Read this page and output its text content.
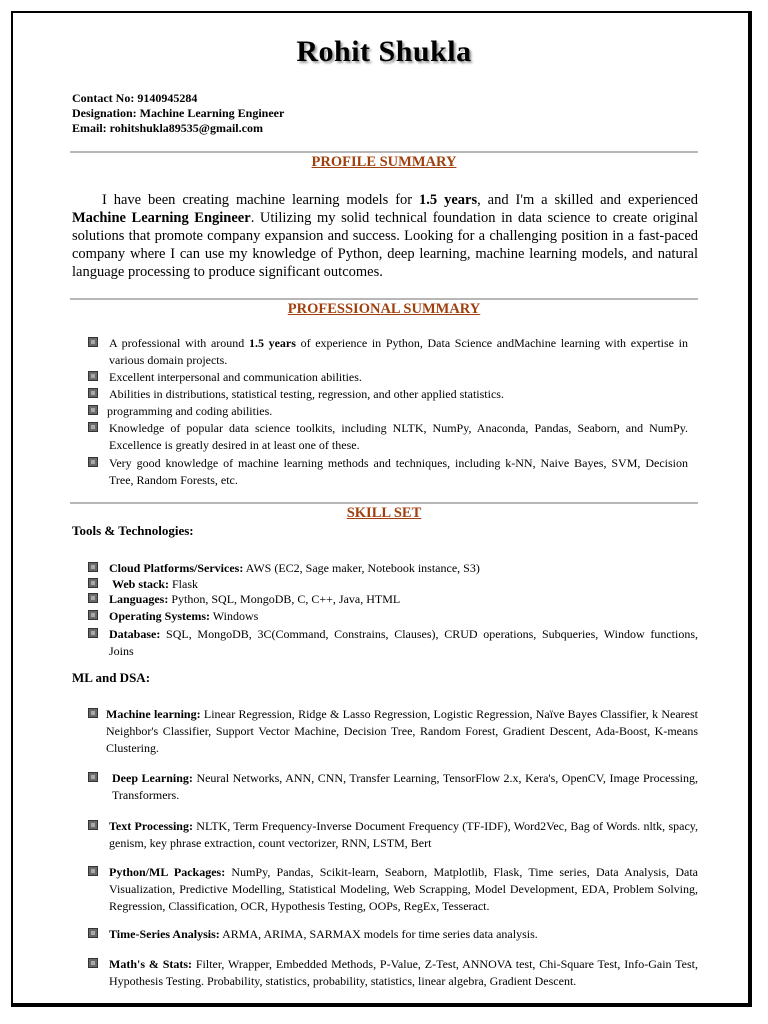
Rohit Shukla
Contact No: 9140945284
Designation: Machine Learning Engineer
Email: rohitshukla89535@gmail.com
PROFILE SUMMARY
I have been creating machine learning models for 1.5 years, and I'm a skilled and experienced Machine Learning Engineer. Utilizing my solid technical foundation in data science to create original solutions that promote company expansion and success. Looking for a challenging position in a fast-paced company where I can use my knowledge of Python, deep learning, machine learning models, and natural language processing to produce significant outcomes.
PROFESSIONAL SUMMARY
A professional with around 1.5 years of experience in Python, Data Science andMachine learning with expertise in various domain projects.
Excellent interpersonal and communication abilities.
Abilities in distributions, statistical testing, regression, and other applied statistics.
programming and coding abilities.
Knowledge of popular data science toolkits, including NLTK, NumPy, Anaconda, Pandas, Seaborn, and NumPy. Excellence is greatly desired in at least one of these.
Very good knowledge of machine learning methods and techniques, including k-NN, Naive Bayes, SVM, Decision Tree, Random Forests, etc.
SKILL SET
Tools & Technologies:
Cloud Platforms/Services: AWS (EC2, Sage maker, Notebook instance, S3)
Web stack: Flask
Languages: Python, SQL, MongoDB, C, C++, Java, HTML
Operating Systems: Windows
Database: SQL, MongoDB, 3C(Command, Constrains, Clauses), CRUD operations, Subqueries, Window functions, Joins
ML and DSA:
Machine learning: Linear Regression, Ridge & Lasso Regression, Logistic Regression, Naïve Bayes Classifier, k Nearest Neighbor's Classifier, Support Vector Machine, Decision Tree, Random Forest, Gradient Descent, Ada-Boost, K-means Clustering.
Deep Learning: Neural Networks, ANN, CNN, Transfer Learning, TensorFlow 2.x, Kera's, OpenCV, Image Processing, Transformers.
Text Processing: NLTK, Term Frequency-Inverse Document Frequency (TF-IDF), Word2Vec, Bag of Words. nltk, spacy, genism, key phrase extraction, count vectorizer, RNN, LSTM, Bert
Python/ML Packages: NumPy, Pandas, Scikit-learn, Seaborn, Matplotlib, Flask, Time series, Data Analysis, Data Visualization, Predictive Modelling, Statistical Modeling, Web Scrapping, Model Development, EDA, Problem Solving, Regression, Classification, OCR, Hypothesis Testing, OOPs, RegEx, Tesseract.
Time-Series Analysis: ARMA, ARIMA, SARMAX models for time series data analysis.
Math's & Stats: Filter, Wrapper, Embedded Methods, P-Value, Z-Test, ANNOVA test, Chi-Square Test, Info-Gain Test, Hypothesis Testing. Probability, statistics, probability, statistics, linear algebra, Gradient Descent.
